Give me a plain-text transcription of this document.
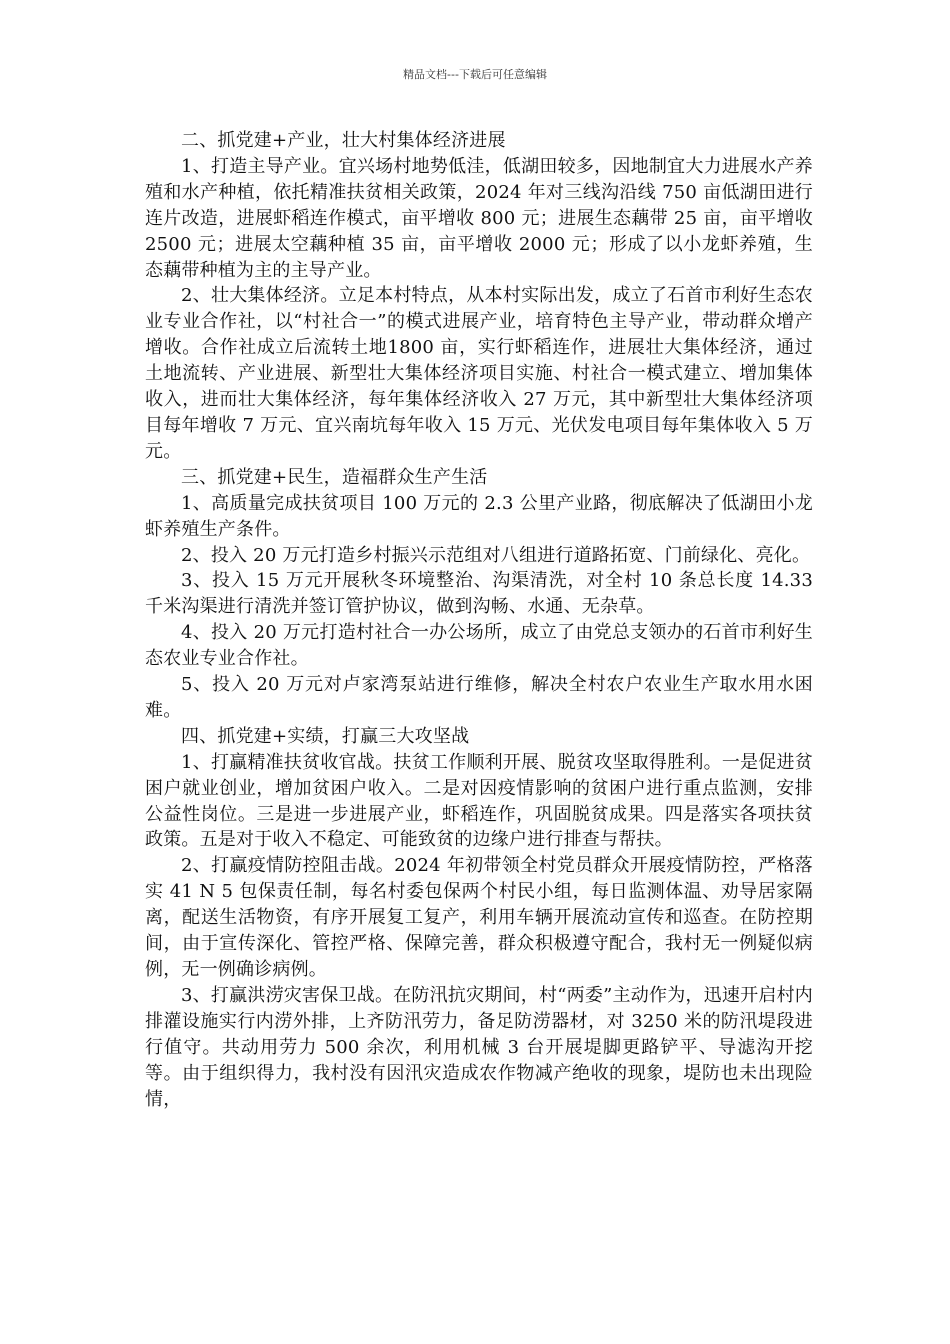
精品文档---下载后可任意编辑

二、抓党建+产业，壮大村集体经济进展

1、打造主导产业。宜兴场村地势低洼，低湖田较多，因地制宜大力进展水产养殖和水产种植，依托精准扶贫相关政策，2024 年对三线沟沿线 750 亩低湖田进行连片改造，进展虾稻连作模式，亩平增收 800 元；进展生态藕带 25 亩，亩平增收 2500 元；进展太空藕种植 35 亩，亩平增收 2000 元；形成了以小龙虾养殖，生态藕带种植为主的主导产业。

2、壮大集体经济。立足本村特点，从本村实际出发，成立了石首市利好生态农业专业合作社，以“村社合一”的模式进展产业，培育特色主导产业，带动群众增产增收。合作社成立后流转土地1800 亩，实行虾稻连作，进展壮大集体经济，通过土地流转、产业进展、新型壮大集体经济项目实施、村社合一模式建立、增加集体收入，进而壮大集体经济，每年集体经济收入 27 万元，其中新型壮大集体经济项目每年增收 7 万元、宜兴南坑每年收入 15 万元、光伏发电项目每年集体收入 5 万元。

三、抓党建+民生，造福群众生产生活

1、高质量完成扶贫项目 100 万元的 2.3 公里产业路，彻底解决了低湖田小龙虾养殖生产条件。

2、投入 20 万元打造乡村振兴示范组对八组进行道路拓宽、门前绿化、亮化。

3、投入 15 万元开展秋冬环境整治、沟渠清洗，对全村 10 条总长度 14.33 千米沟渠进行清洗并签订管护协议，做到沟畅、水通、无杂草。

4、投入 20 万元打造村社合一办公场所，成立了由党总支领办的石首市利好生态农业专业合作社。

5、投入 20 万元对卢家湾泵站进行维修，解决全村农户农业生产取水用水困难。

四、抓党建+实绩，打赢三大攻坚战

1、打赢精准扶贫收官战。扶贫工作顺利开展、脱贫攻坚取得胜利。一是促进贫困户就业创业，增加贫困户收入。二是对因疫情影响的贫困户进行重点监测，安排公益性岗位。三是进一步进展产业，虾稻连作，巩固脱贫成果。四是落实各项扶贫政策。五是对于收入不稳定、可能致贫的边缘户进行排查与帮扶。

2、打赢疫情防控阻击战。2024 年初带领全村党员群众开展疫情防控，严格落实 41 N 5 包保责任制，每名村委包保两个村民小组，每日监测体温、劝导居家隔离，配送生活物资，有序开展复工复产，利用车辆开展流动宣传和巡查。在防控期间，由于宣传深化、管控严格、保障完善，群众积极遵守配合，我村无一例疑似病例，无一例确诊病例。

3、打赢洪涝灾害保卫战。在防汛抗灾期间，村“两委”主动作为，迅速开启村内排灌设施实行内涝外排，上齐防汛劳力，备足防涝器材，对 3250 米的防汛堤段进行值守。共动用劳力 500 余次，利用机械 3 台开展堤脚更路铲平、导滤沟开挖等。由于组织得力，我村没有因汛灾造成农作物减产绝收的现象，堤防也未出现险情，
